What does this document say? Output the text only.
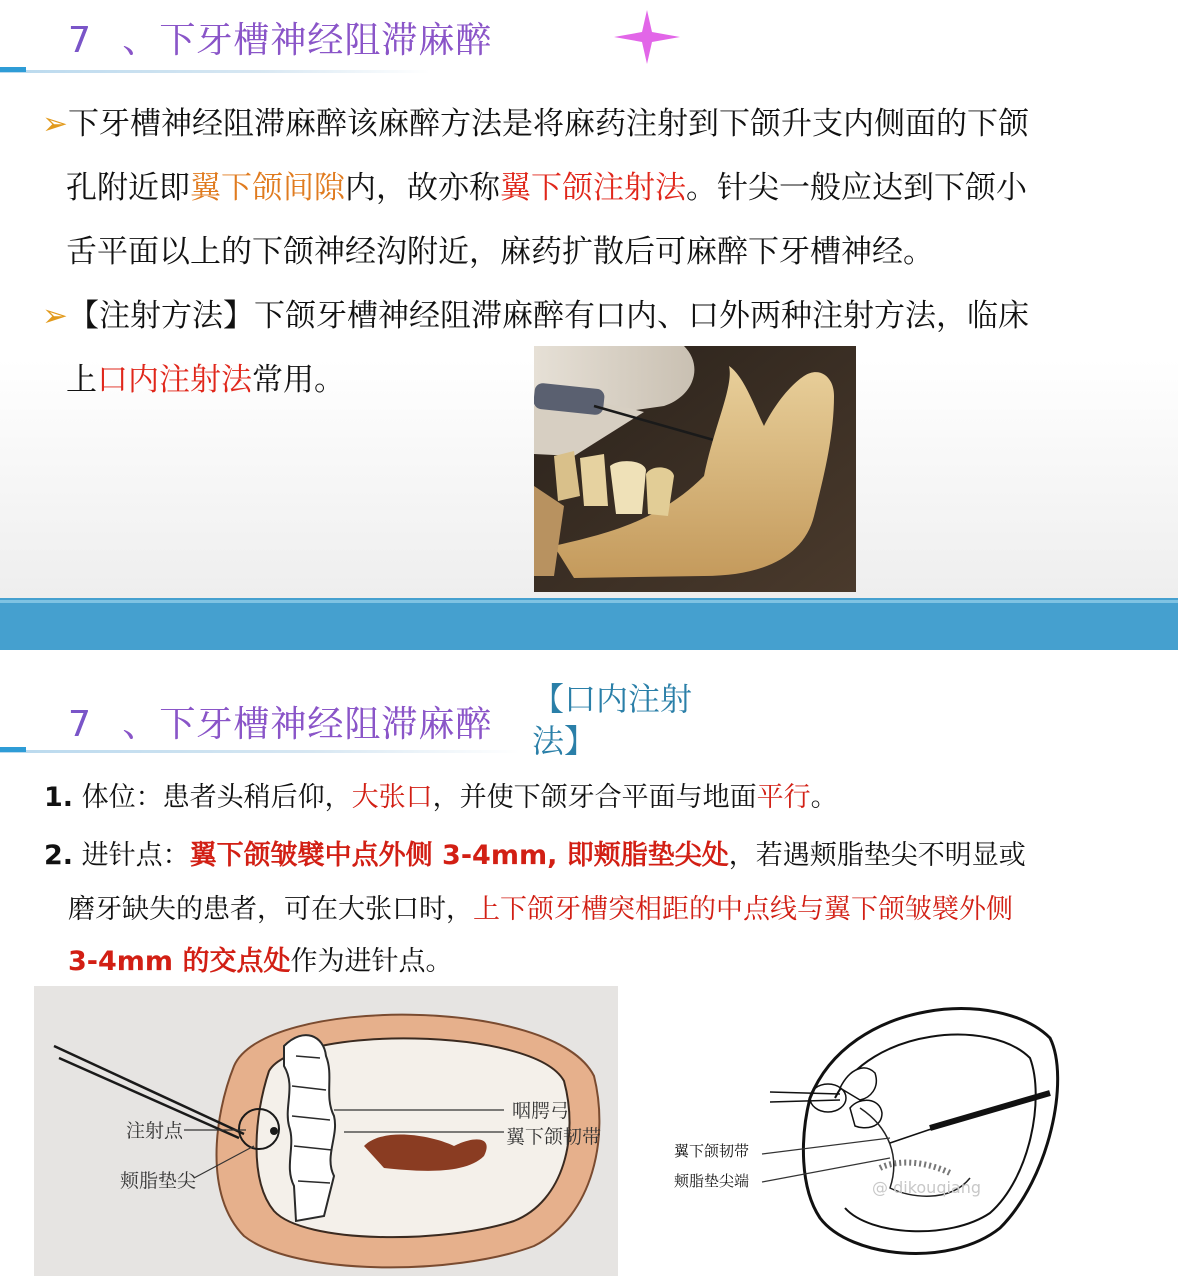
7 、下牙槽神经阻滞麻醉
➢下牙槽神经阻滞麻醉该麻醉方法是将麻药注射到下颌升支内侧面的下颌
孔附近即翼下颌间隙内，故亦称翼下颌注射法。针尖一般应达到下颌小
舌平面以上的下颌神经沟附近，麻药扩散后可麻醉下牙槽神经。
➢【注射方法】下颌牙槽神经阻滞麻醉有口内、口外两种注射方法，临床
上口内注射法常用。
7 、下牙槽神经阻滞麻醉
【口内注射
法】
1. 体位：患者头稍后仰，大张口，并使下颌牙合平面与地面平行。
2. 进针点：翼下颌皱襞中点外侧 3-4mm, 即颊脂垫尖处，若遇颊脂垫尖不明显或
磨牙缺失的患者，可在大张口时，上下颌牙槽突相距的中点线与翼下颌皱襞外侧
3-4mm 的交点处作为进针点。
注射点
颊脂垫尖
咽腭弓
翼下颌韧带
翼下颌韧带
颊脂垫尖端	@ dikouqiang
